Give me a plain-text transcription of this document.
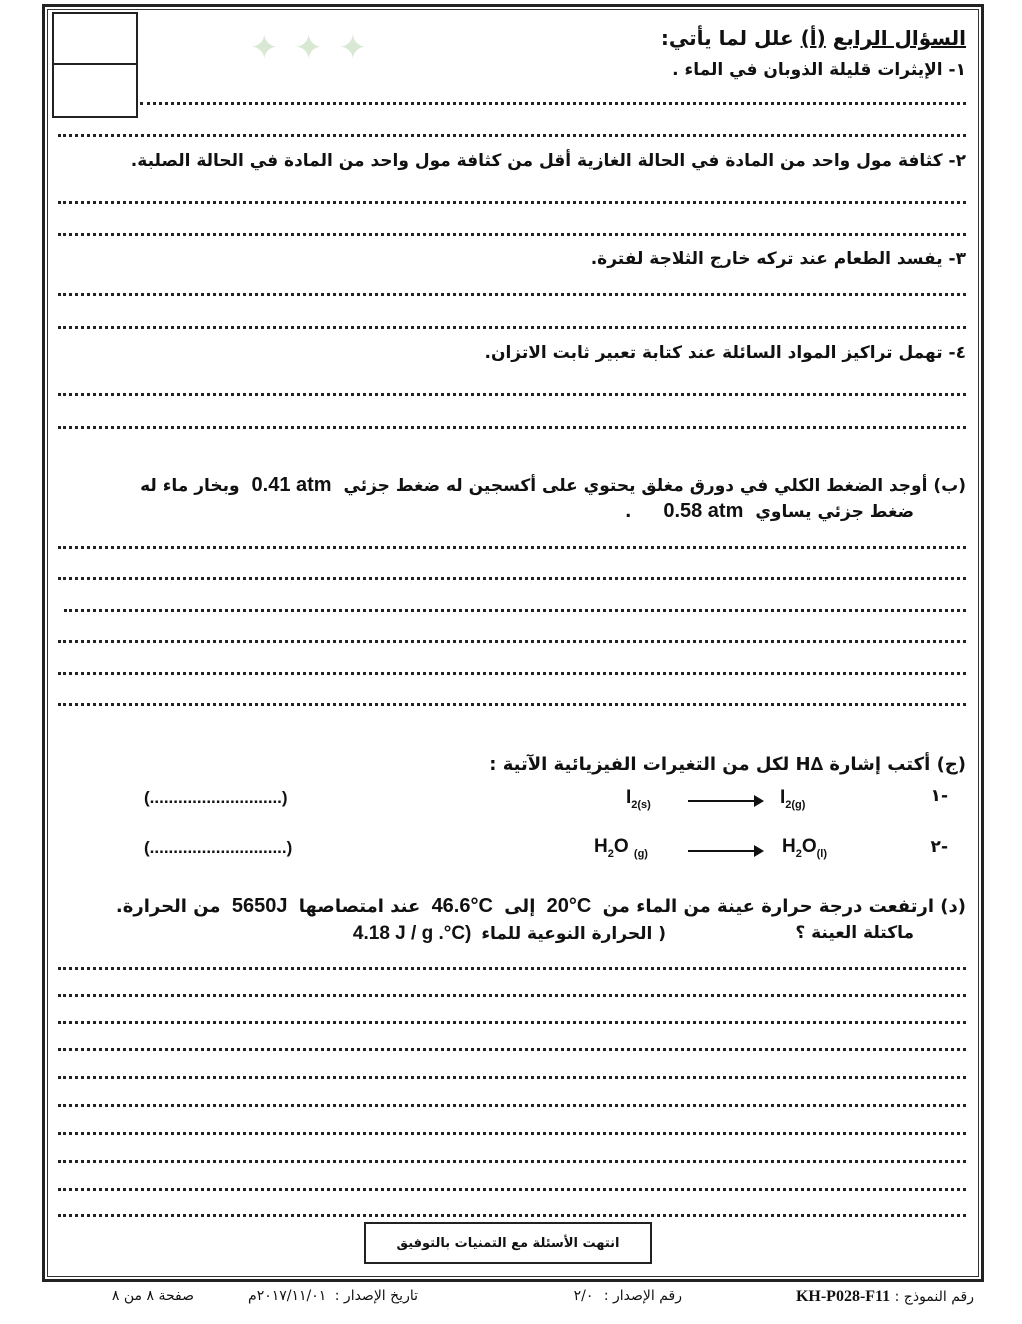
✦ ✦ ✦	السؤال الرابع (أ) علل لما يأتي:
١- الإيثرات قليلة الذوبان في الماء .
٢- كثافة مول واحد من المادة في الحالة الغازية أقل من كثافة مول واحد من المادة في الحالة الصلبة.
٣- يفسد الطعام عند تركه خارج الثلاجة لفترة.
٤- تهمل تراكيز المواد السائلة عند كتابة تعبير ثابت الاتزان.
(ب) أوجد الضغط الكلي في دورق مغلق يحتوي على أكسجين له ضغط جزئي 0.41 atm وبخار ماء له
ضغط جزئي يساوي 0.58 atm .
(ج) أكتب إشارة ∆H لكل من التغيرات الفيزيائية الآتية :
-١
$I_{2(s)}$	$I_{2(g)}$
(............................)
-٢
$H_2O$ $_{(g)}$	$H_2O_{(l)}$
(.............................)
(د) ارتفعت درجة حرارة عينة من الماء من 20°C إلى 46.6°C عند امتصاصها 5650J من الحرارة.
ماكتلة العينة ؟
( الحرارة النوعية للماء 4.18 J / g .°C)
انتهت الأسئلة مع التمنيات بالتوفيق
رقم النموذج : KH-P028-F11
رقم الإصدار : ٢/٠
تاريخ الإصدار : ٢٠١٧/١١/٠١م
صفحة ٨ من ٨
